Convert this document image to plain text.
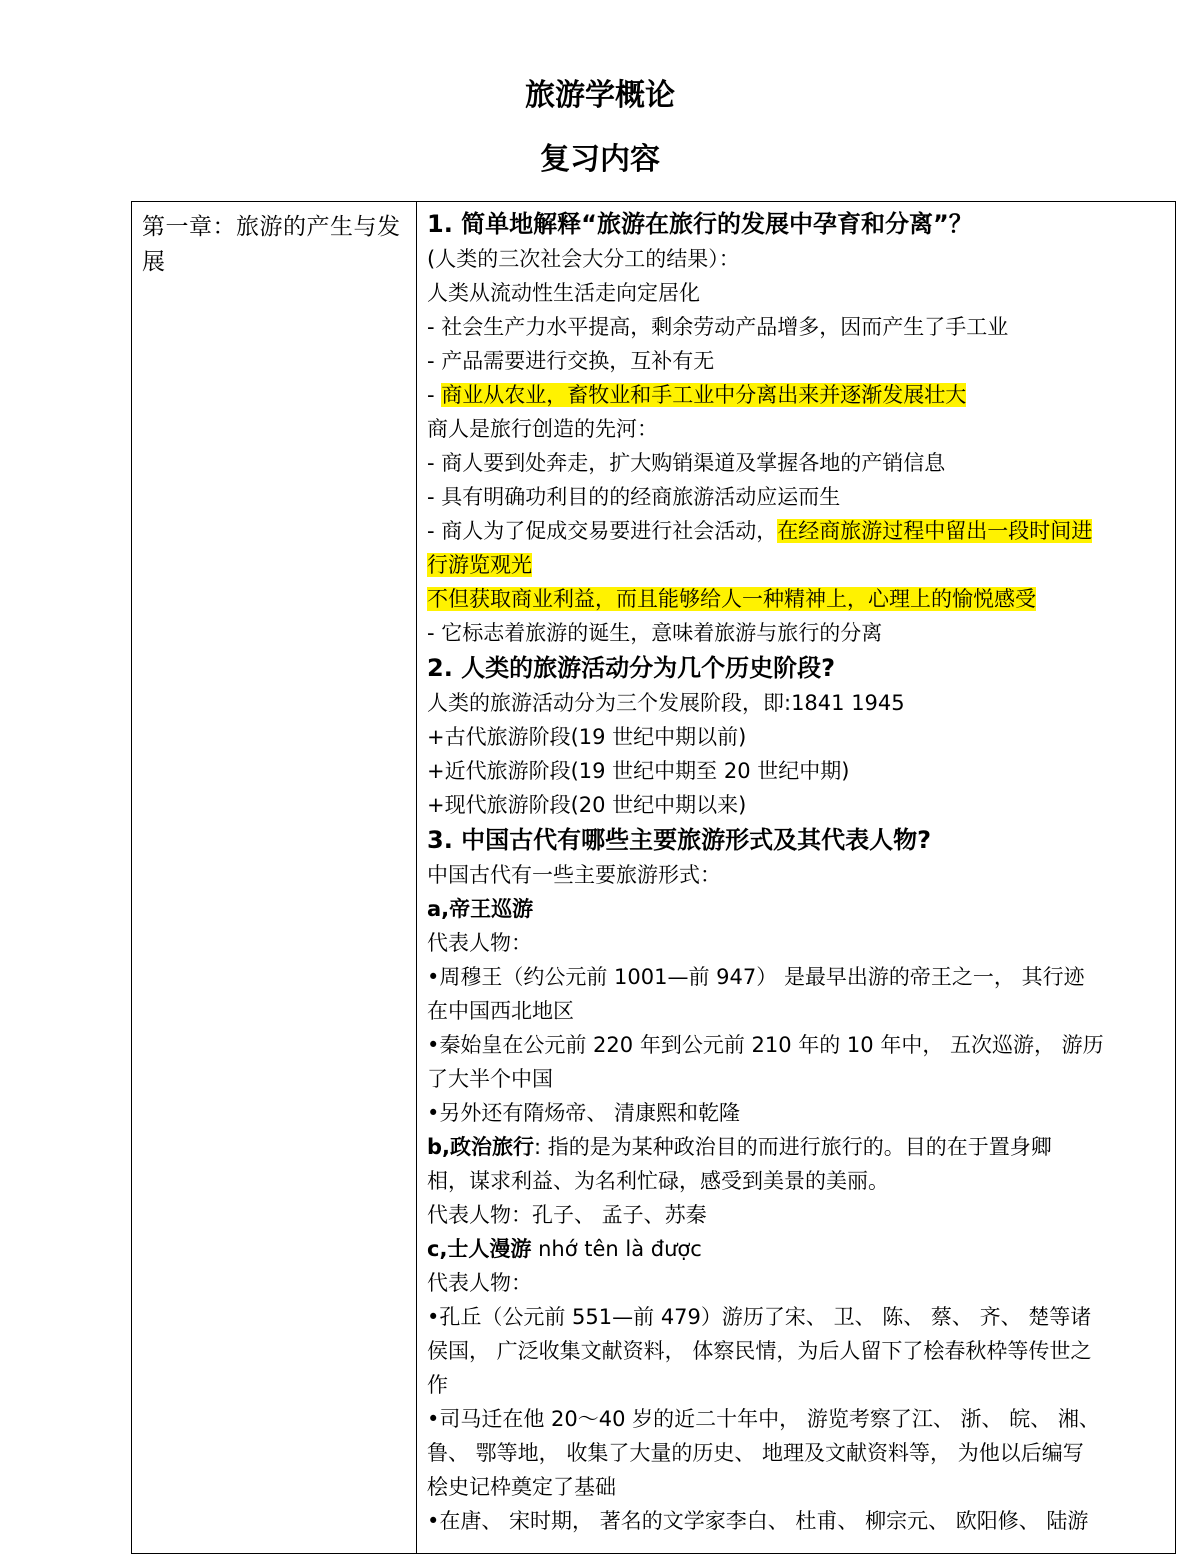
旅游学概论
复习内容
第一章：旅游的产生与发展

1. 简单地解释“旅游在旅行的发展中孕育和分离”？
(人类的三次社会大分工的结果）：
人类从流动性生活走向定居化
- 社会生产力水平提高，剩余劳动产品增多，因而产生了手工业
- 产品需要进行交换，互补有无
- 商业从农业，畜牧业和手工业中分离出来并逐渐发展壮大
商人是旅行创造的先河：
- 商人要到处奔走，扩大购销渠道及掌握各地的产销信息
- 具有明确功利目的的经商旅游活动应运而生
- 商人为了促成交易要进行社会活动，在经商旅游过程中留出一段时间进
行游览观光
不但获取商业利益，而且能够给人一种精神上，心理上的愉悦感受
- 它标志着旅游的诞生，意味着旅游与旅行的分离
2. 人类的旅游活动分为几个历史阶段?
人类的旅游活动分为三个发展阶段，即:1841 1945
+古代旅游阶段(19 世纪中期以前)
+近代旅游阶段(19 世纪中期至 20 世纪中期)
+现代旅游阶段(20 世纪中期以来)
3. 中国古代有哪些主要旅游形式及其代表人物?
中国古代有一些主要旅游形式：
a,帝王巡游
代表人物：
•周穆王（约公元前 1001—前 947） 是最早出游的帝王之一， 其行迹
在中国西北地区
•秦始皇在公元前 220 年到公元前 210 年的 10 年中， 五次巡游， 游历
了大半个中国
•另外还有隋炀帝、 清康熙和乾隆
b,政治旅行: 指的是为某种政治目的而进行旅行的。目的在于置身卿
相，谋求利益、为名利忙碌，感受到美景的美丽。
代表人物：孔子、 孟子、苏秦
c,士人漫游 nhớ tên là được
代表人物：
•孔丘（公元前 551—前 479）游历了宋、 卫、 陈、 蔡、 齐、 楚等诸
侯国， 广泛收集文献资料， 体察民情，为后人留下了桧春秋枠等传世之
作
•司马迁在他 20～40 岁的近二十年中， 游览考察了江、 浙、 皖、 湘、
鲁、 鄂等地， 收集了大量的历史、 地理及文献资料等， 为他以后编写
桧史记枠奠定了基础
•在唐、 宋时期， 著名的文学家李白、 杜甫、 柳宗元、 欧阳修、 陆游
